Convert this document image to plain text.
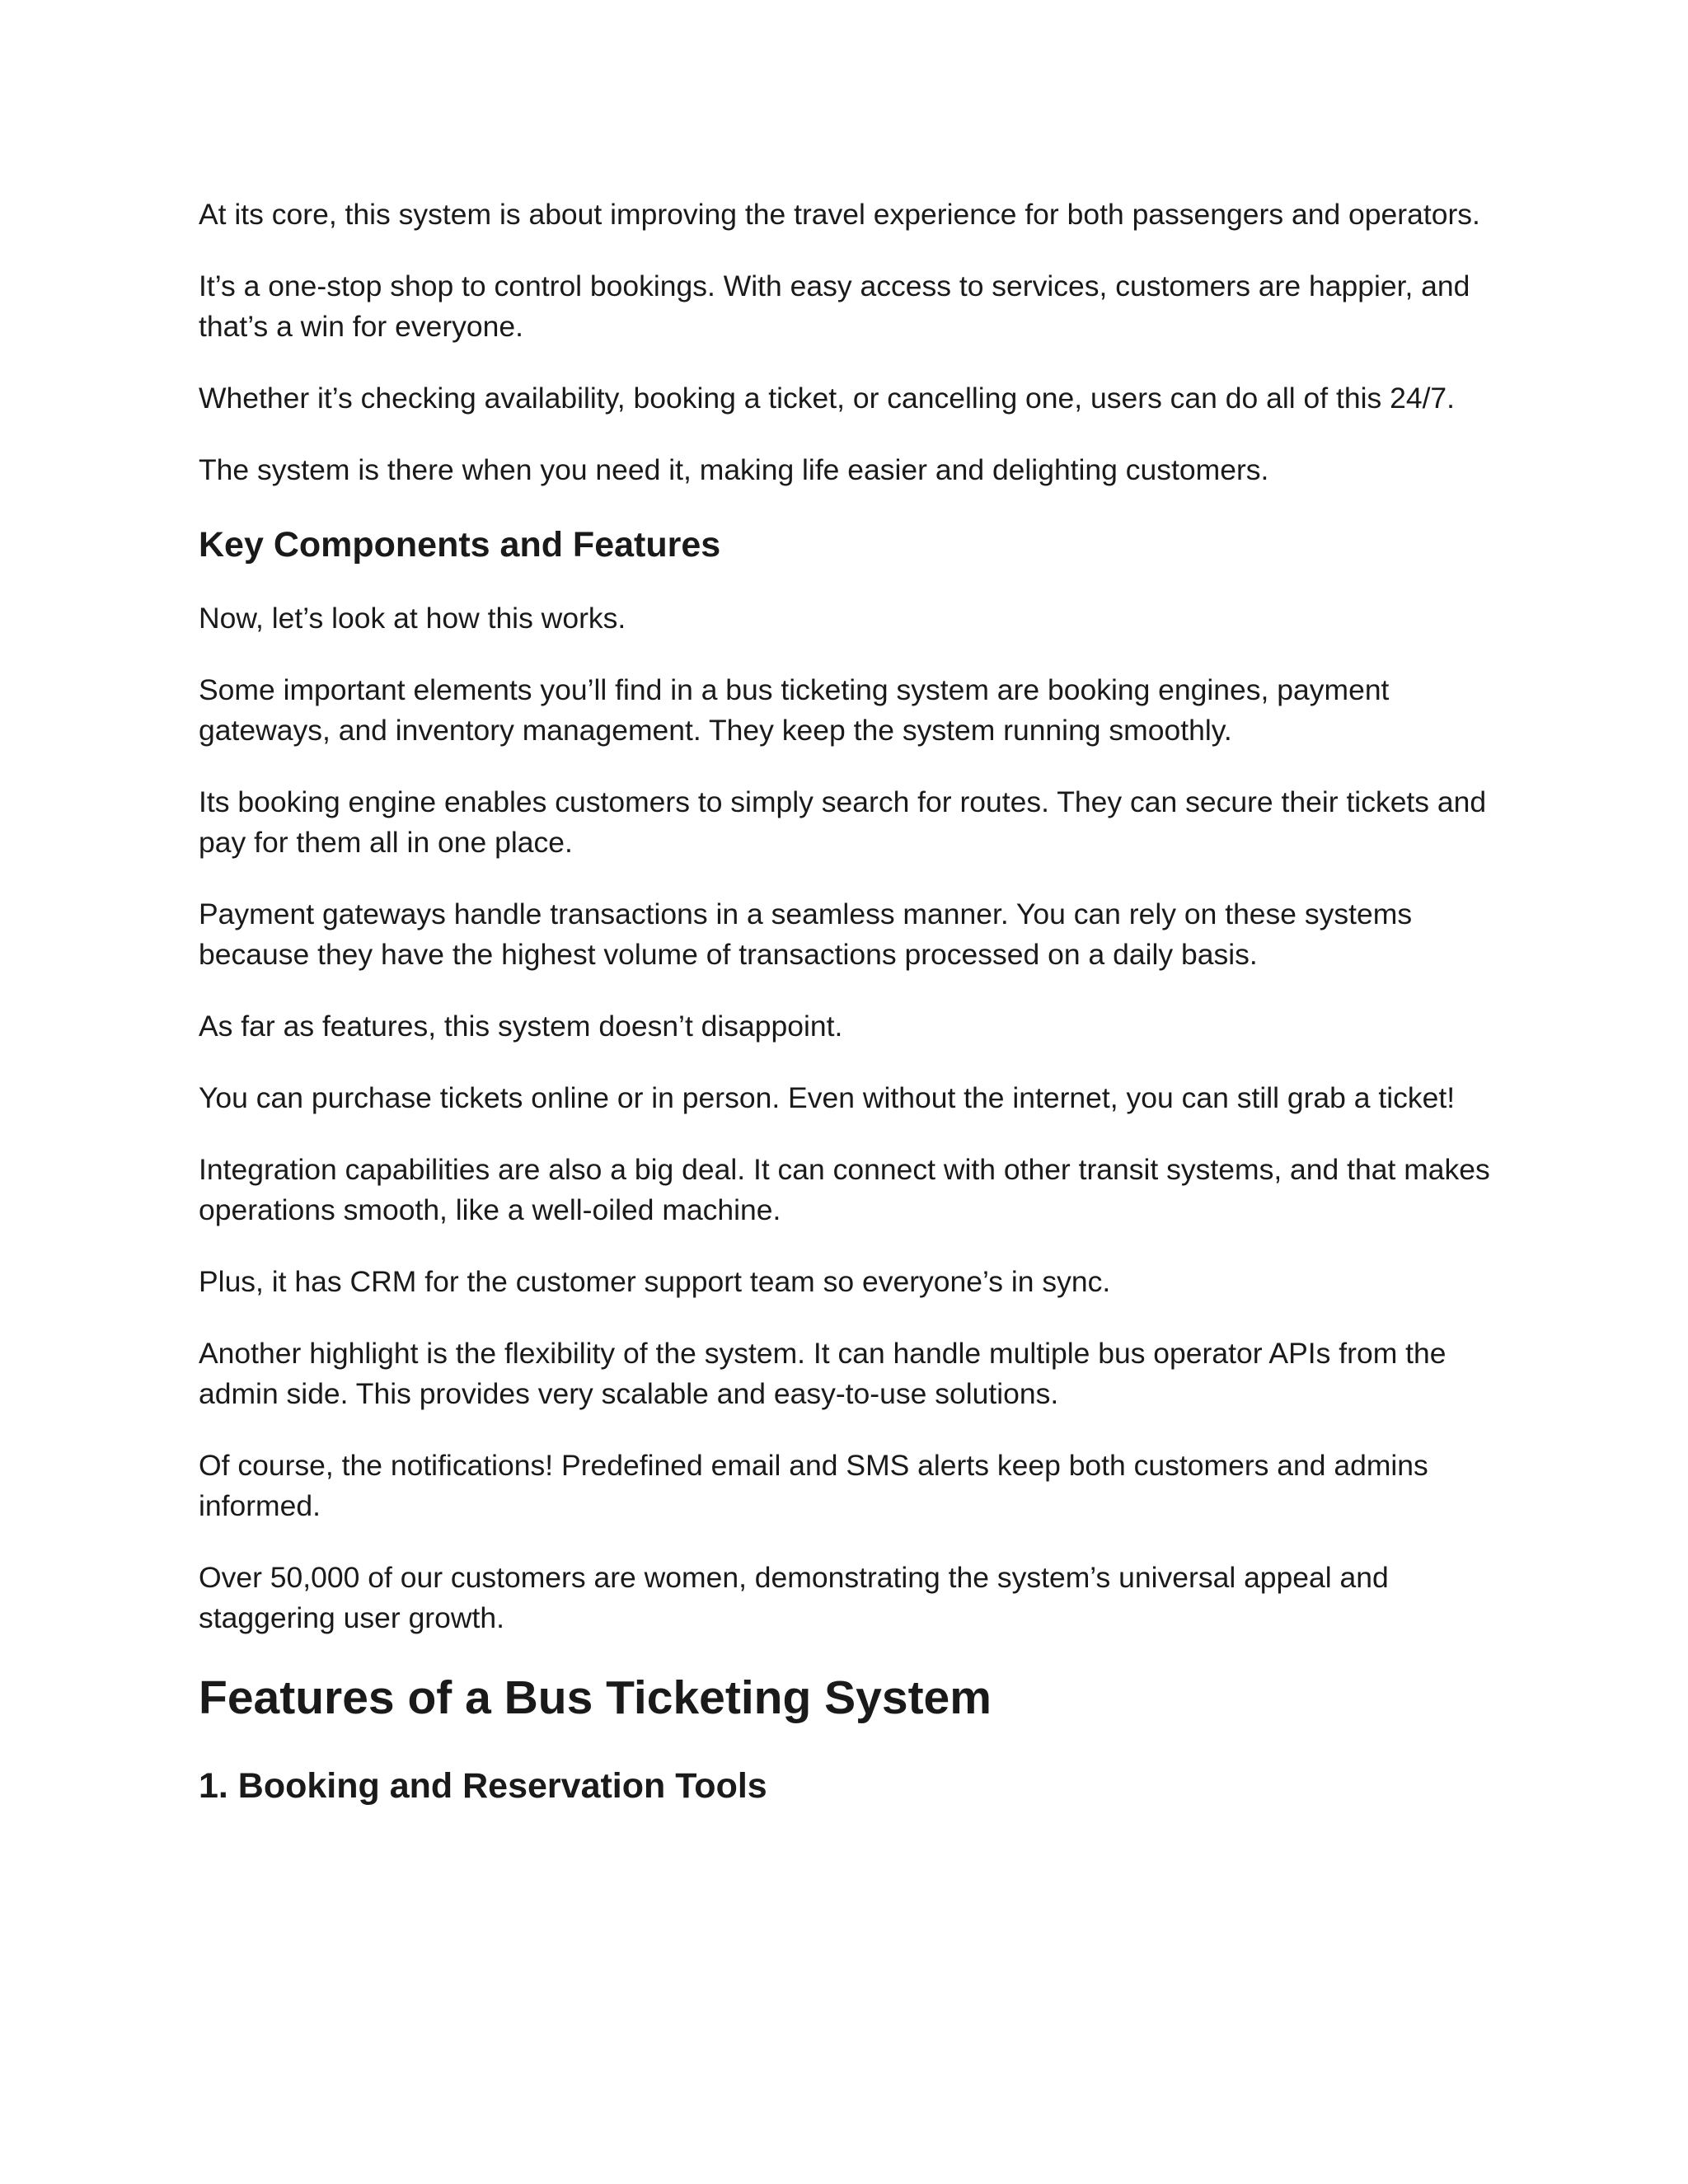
At its core, this system is about improving the travel experience for both passengers and operators.

It’s a one-stop shop to control bookings. With easy access to services, customers are happier, and that’s a win for everyone.

Whether it’s checking availability, booking a ticket, or cancelling one, users can do all of this 24/7.

The system is there when you need it, making life easier and delighting customers.

Key Components and Features

Now, let’s look at how this works.

Some important elements you’ll find in a bus ticketing system are booking engines, payment gateways, and inventory management. They keep the system running smoothly.

Its booking engine enables customers to simply search for routes. They can secure their tickets and pay for them all in one place.

Payment gateways handle transactions in a seamless manner. You can rely on these systems because they have the highest volume of transactions processed on a daily basis.

As far as features, this system doesn’t disappoint.

You can purchase tickets online or in person. Even without the internet, you can still grab a ticket!

Integration capabilities are also a big deal. It can connect with other transit systems, and that makes operations smooth, like a well-oiled machine.

Plus, it has CRM for the customer support team so everyone’s in sync.

Another highlight is the flexibility of the system. It can handle multiple bus operator APIs from the admin side. This provides very scalable and easy-to-use solutions.

Of course, the notifications! Predefined email and SMS alerts keep both customers and admins informed.

Over 50,000 of our customers are women, demonstrating the system’s universal appeal and staggering user growth.

Features of a Bus Ticketing System
1. Booking and Reservation Tools
